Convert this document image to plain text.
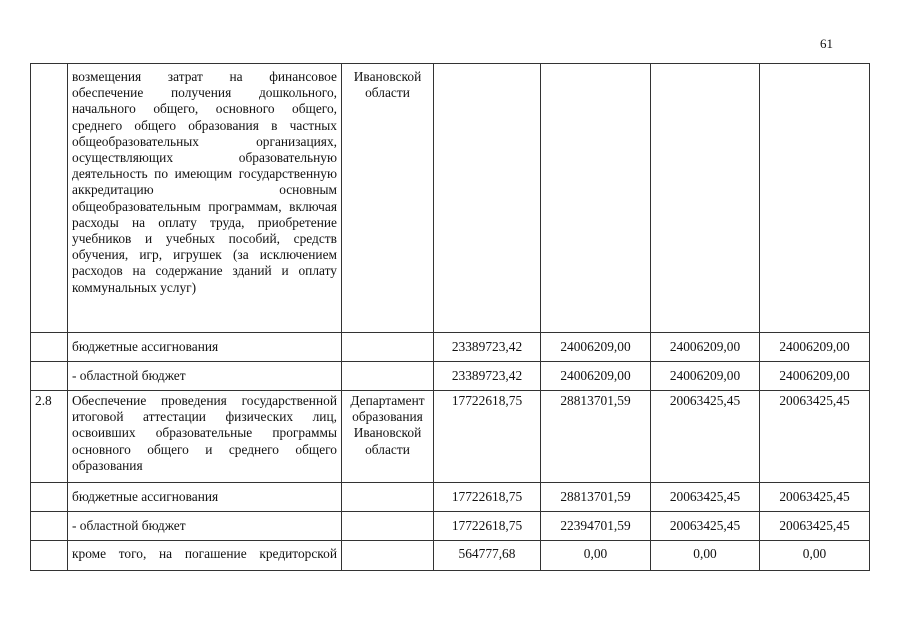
61
	возмещения затрат на финансовое обеспечение получения дошкольного, начального общего, основного общего, среднего общего образования в частных общеобразовательных организациях, осуществляющих образовательную деятельность по имеющим государственную аккредитацию основным общеобразовательным программам, включая расходы на оплату труда, приобретение учебников и учебных пособий, средств обучения, игр, игрушек (за исключением расходов на содержание зданий и оплату коммунальных услуг)	Ивановской области				
	бюджетные ассигнования		23389723,42	24006209,00	24006209,00	24006209,00
	- областной бюджет		23389723,42	24006209,00	24006209,00	24006209,00
2.8	Обеспечение проведения государственной итоговой аттестации физических лиц, освоивших образовательные программы основного общего и среднего общего образования	Департамент образования Ивановской области	17722618,75	28813701,59	20063425,45	20063425,45
	бюджетные ассигнования		17722618,75	28813701,59	20063425,45	20063425,45
	- областной бюджет		17722618,75	22394701,59	20063425,45	20063425,45
	кроме того, на погашение кредиторской		564777,68	0,00	0,00	0,00
